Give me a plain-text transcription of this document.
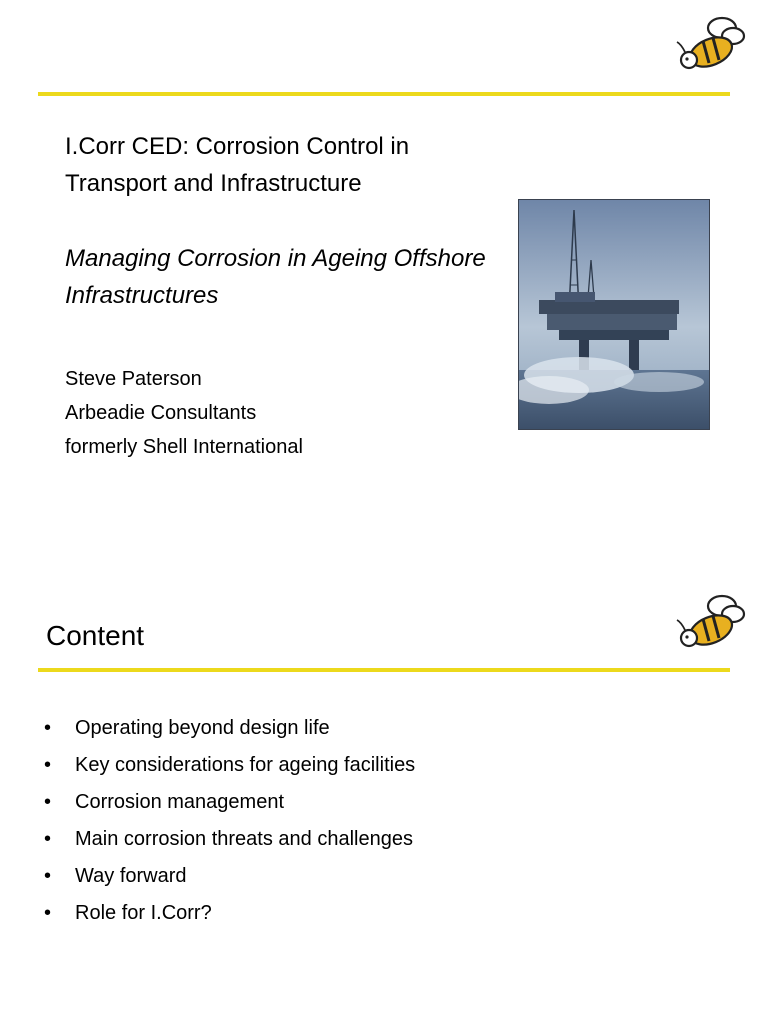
I.Corr CED: Corrosion Control in Transport and Infrastructure

Managing Corrosion in Ageing Offshore Infrastructures

Steve Paterson
Arbeadie Consultants
formerly Shell International
Content
• Operating beyond design life
• Key considerations for ageing facilities
• Corrosion management
• Main corrosion threats and challenges
• Way forward
• Role for I.Corr?
